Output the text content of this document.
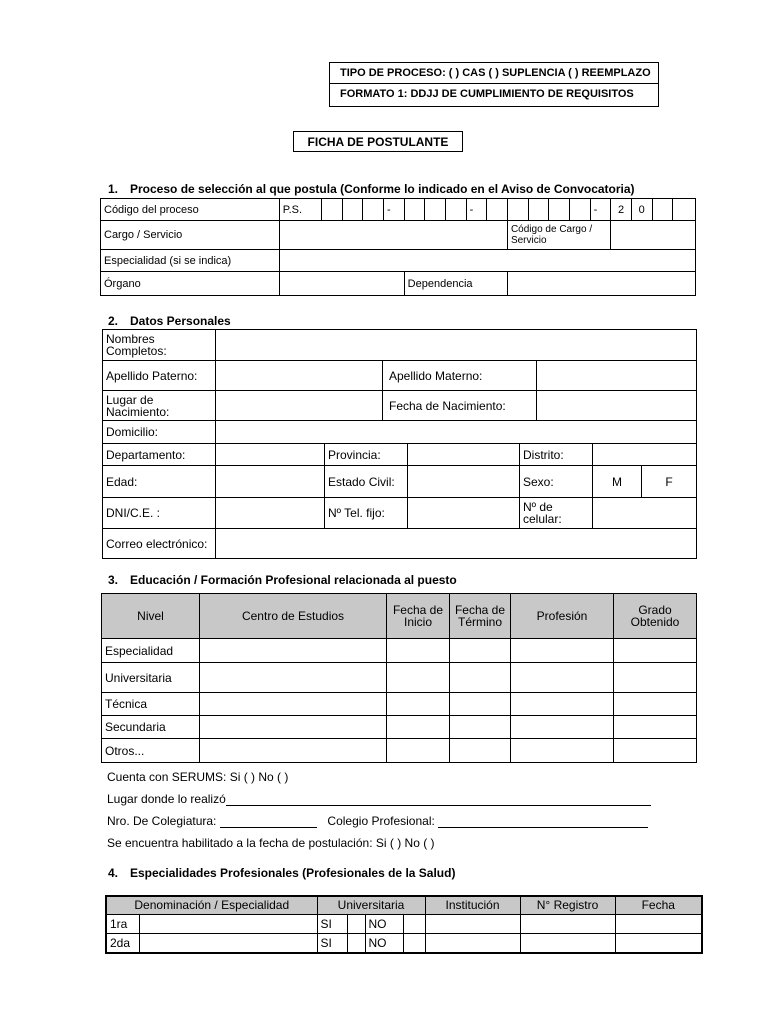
TIPO DE PROCESO: ( ) CAS ( ) SUPLENCIA ( ) REEMPLAZO
FORMATO 1: DDJJ DE CUMPLIMIENTO DE REQUISITOS
FICHA DE POSTULANTE
1. Proceso de selección al que postula (Conforme lo indicado en el Aviso de Convocatoria)
Código del proceso	P.S.				-				-						-	2	0		
Cargo / Servicio											Código de Cargo / Servicio								
Especialidad (si se indica)																			
Órgano						Dependencia													
2. Datos Personales
Nombres Completos:								
Apellido Paterno:			Apellido Materno:					
Lugar de Nacimiento:			Fecha de Nacimiento:					
Domicilio:								
Departamento:		Provincia:			Distrito:			
Edad:		Estado Civil:			Sexo:		M	F
DNI/C.E. :		Nº Tel. fijo:			Nº de celular:			
Correo electrónico:								
3. Educación / Formación Profesional relacionada al puesto
Nivel	Centro de Estudios	Fecha de Inicio	Fecha de Término	Profesión	Grado Obtenido
Especialidad					
Universitaria					
Técnica					
Secundaria					
Otros...					
Cuenta con SERUMS: Si ( ) No ( )
Lugar donde lo realizó
Nro. De Colegiatura:	Colegio Profesional:
Se encuentra habilitado a la fecha de postulación: Si ( ) No ( )
4. Especialidades Profesionales (Profesionales de la Salud)
Denominación / Especialidad		Universitaria				Institución	N° Registro	Fecha
1ra		SI		NO				
2da		SI		NO				
